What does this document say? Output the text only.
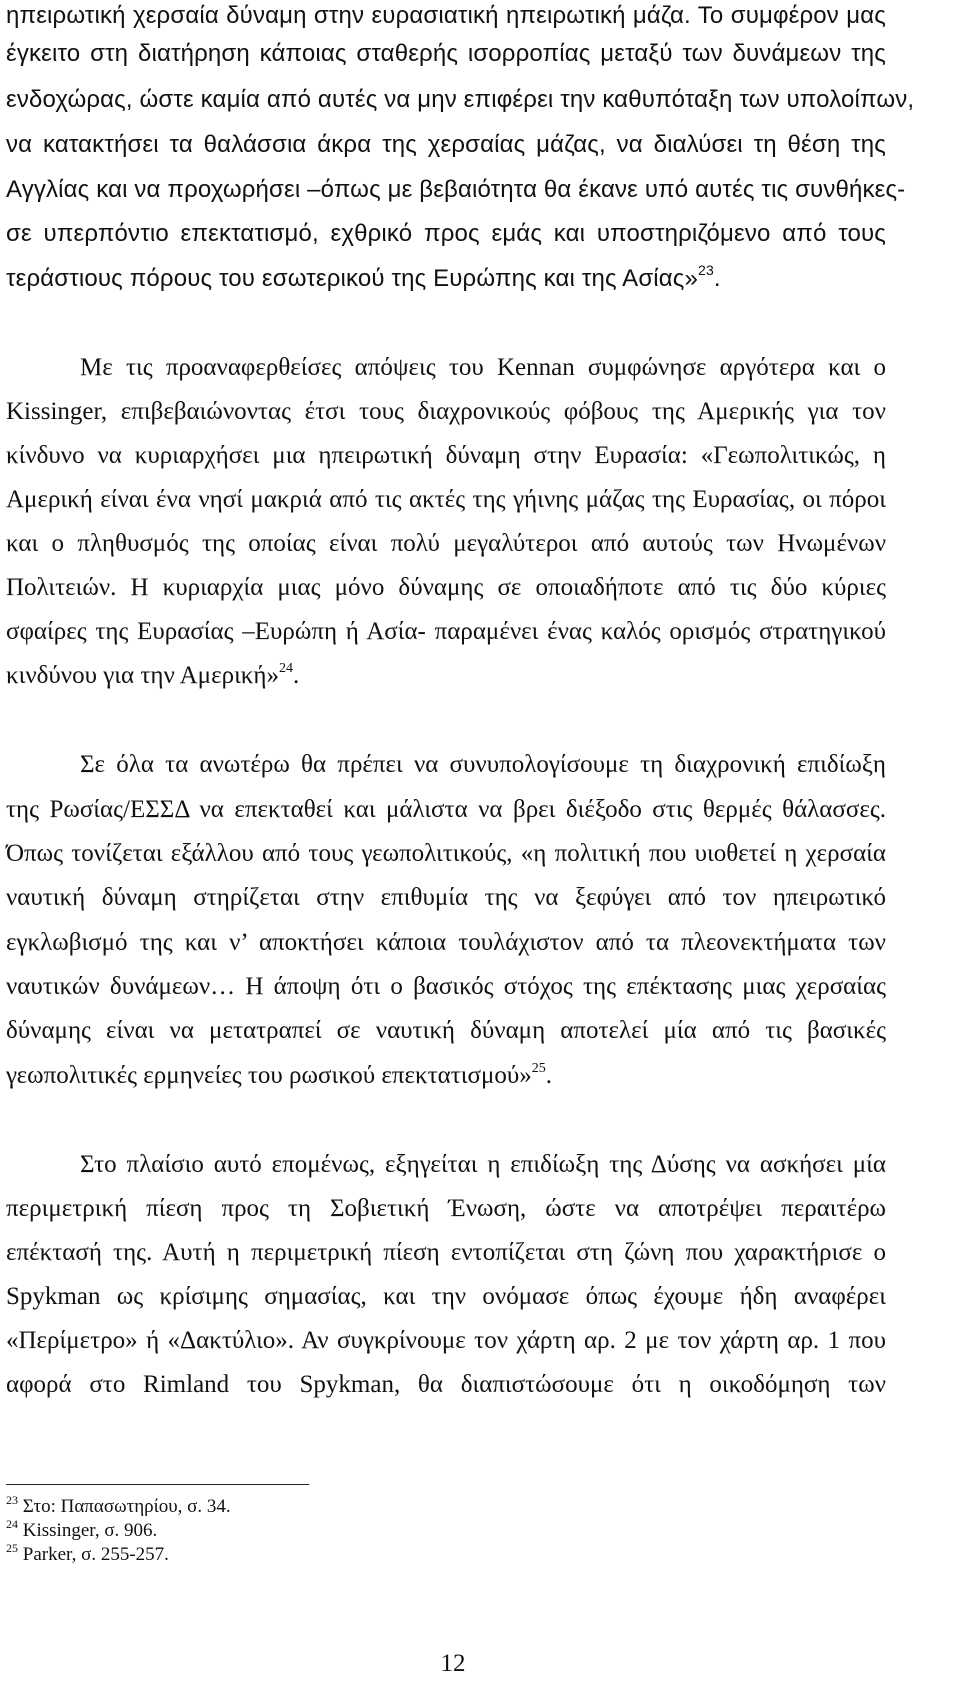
ηπειρωτική χερσαία δύναμη στην ευρασιατική ηπειρωτική μάζα. Το συμφέρον μας
έγκειτο στη διατήρηση κάποιας σταθερής ισορροπίας μεταξύ των δυνάμεων της
ενδοχώρας, ώστε καμία από αυτές να μην επιφέρει την καθυπόταξη των υπολοίπων,
να κατακτήσει τα θαλάσσια άκρα της χερσαίας μάζας, να διαλύσει τη θέση της
Αγγλίας και να προχωρήσει –όπως με βεβαιότητα θα έκανε υπό αυτές τις συνθήκες-
σε υπερπόντιο επεκτατισμό, εχθρικό προς εμάς και υποστηριζόμενο από τους
τεράστιους πόρους του εσωτερικού της Ευρώπης και της Ασίας»$^{23}$.
Με τις προαναφερθείσες απόψεις του Kennan συμφώνησε αργότερα και ο
Kissinger, επιβεβαιώνοντας έτσι τους διαχρονικούς φόβους της Αμερικής για τον
κίνδυνο να κυριαρχήσει μια ηπειρωτική δύναμη στην Ευρασία: «Γεωπολιτικώς, η
Αμερική είναι ένα νησί μακριά από τις ακτές της γήινης μάζας της Ευρασίας, οι πόροι
και ο πληθυσμός της οποίας είναι πολύ μεγαλύτεροι από αυτούς των Ηνωμένων
Πολιτειών. Η κυριαρχία μιας μόνο δύναμης σε οποιαδήποτε από τις δύο κύριες
σφαίρες της Ευρασίας –Ευρώπη ή Ασία- παραμένει ένας καλός ορισμός στρατηγικού
κινδύνου για την Αμερική»$^{24}$.
Σε όλα τα ανωτέρω θα πρέπει να συνυπολογίσουμε τη διαχρονική επιδίωξη
της Ρωσίας/ΕΣΣΔ να επεκταθεί και μάλιστα να βρει διέξοδο στις θερμές θάλασσες.
Όπως τονίζεται εξάλλου από τους γεωπολιτικούς, «η πολιτική που υιοθετεί η χερσαία
ναυτική δύναμη στηρίζεται στην επιθυμία της να ξεφύγει από τον ηπειρωτικό
εγκλωβισμό της και ν’ αποκτήσει κάποια τουλάχιστον από τα πλεονεκτήματα των
ναυτικών δυνάμεων… Η άποψη ότι ο βασικός στόχος της επέκτασης μιας χερσαίας
δύναμης είναι να μετατραπεί σε ναυτική δύναμη αποτελεί μία από τις βασικές
γεωπολιτικές ερμηνείες του ρωσικού επεκτατισμού»$^{25}$.
Στο πλαίσιο αυτό επομένως, εξηγείται η επιδίωξη της Δύσης να ασκήσει μία
περιμετρική πίεση προς τη Σοβιετική Ένωση, ώστε να αποτρέψει περαιτέρω
επέκτασή της. Αυτή η περιμετρική πίεση εντοπίζεται στη ζώνη που χαρακτήρισε ο
Spykman ως κρίσιμης σημασίας, και την ονόμασε όπως έχουμε ήδη αναφέρει
«Περίμετρο» ή «Δακτύλιο». Αν συγκρίνουμε τον χάρτη αρ. 2 με τον χάρτη αρ. 1 που
αφορά στο Rimland του Spykman, θα διαπιστώσουμε ότι η οικοδόμηση των
$^{23}$ Στο: Παπασωτηρίου, σ. 34.
$^{24}$ Kissinger, σ. 906.
$^{25}$ Parker, σ. 255-257.
12
